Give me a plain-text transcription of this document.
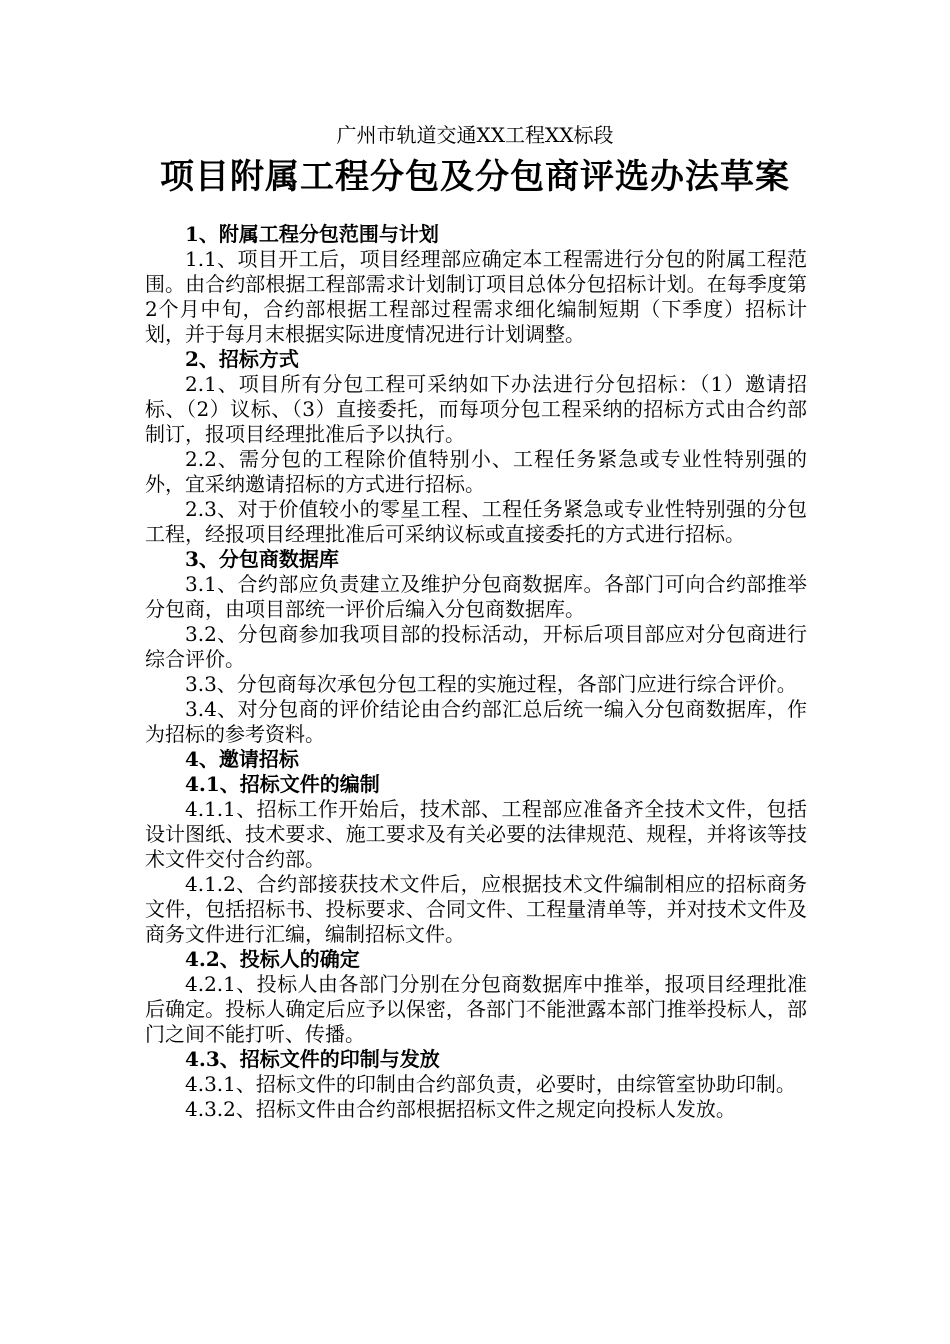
广州市轨道交通XX工程XX标段
项目附属工程分包及分包商评选办法草案

1、附属工程分包范围与计划

1.1、项目开工后，项目经理部应确定本工程需进行分包的附属工程范围。由合约部根据工程部需求计划制订项目总体分包招标计划。在每季度第2个月中旬，合约部根据工程部过程需求细化编制短期（下季度）招标计划，并于每月末根据实际进度情况进行计划调整。

2、招标方式

2.1、项目所有分包工程可采纳如下办法进行分包招标：（1）邀请招标、（2）议标、（3）直接委托，而每项分包工程采纳的招标方式由合约部制订，报项目经理批准后予以执行。

2.2、需分包的工程除价值特别小、工程任务紧急或专业性特别强的外，宜采纳邀请招标的方式进行招标。

2.3、对于价值较小的零星工程、工程任务紧急或专业性特别强的分包工程，经报项目经理批准后可采纳议标或直接委托的方式进行招标。

3、分包商数据库

3.1、合约部应负责建立及维护分包商数据库。各部门可向合约部推举分包商，由项目部统一评价后编入分包商数据库。

3.2、分包商参加我项目部的投标活动，开标后项目部应对分包商进行综合评价。

3.3、分包商每次承包分包工程的实施过程，各部门应进行综合评价。

3.4、对分包商的评价结论由合约部汇总后统一编入分包商数据库，作为招标的参考资料。

4、邀请招标

4.1、招标文件的编制

4.1.1、招标工作开始后，技术部、工程部应准备齐全技术文件，包括设计图纸、技术要求、施工要求及有关必要的法律规范、规程，并将该等技术文件交付合约部。

4.1.2、合约部接获技术文件后，应根据技术文件编制相应的招标商务文件，包括招标书、投标要求、合同文件、工程量清单等，并对技术文件及商务文件进行汇编，编制招标文件。

4.2、投标人的确定

4.2.1、投标人由各部门分别在分包商数据库中推举，报项目经理批准后确定。投标人确定后应予以保密，各部门不能泄露本部门推举投标人，部门之间不能打听、传播。

4.3、招标文件的印制与发放

4.3.1、招标文件的印制由合约部负责，必要时，由综管室协助印制。

4.3.2、招标文件由合约部根据招标文件之规定向投标人发放。
